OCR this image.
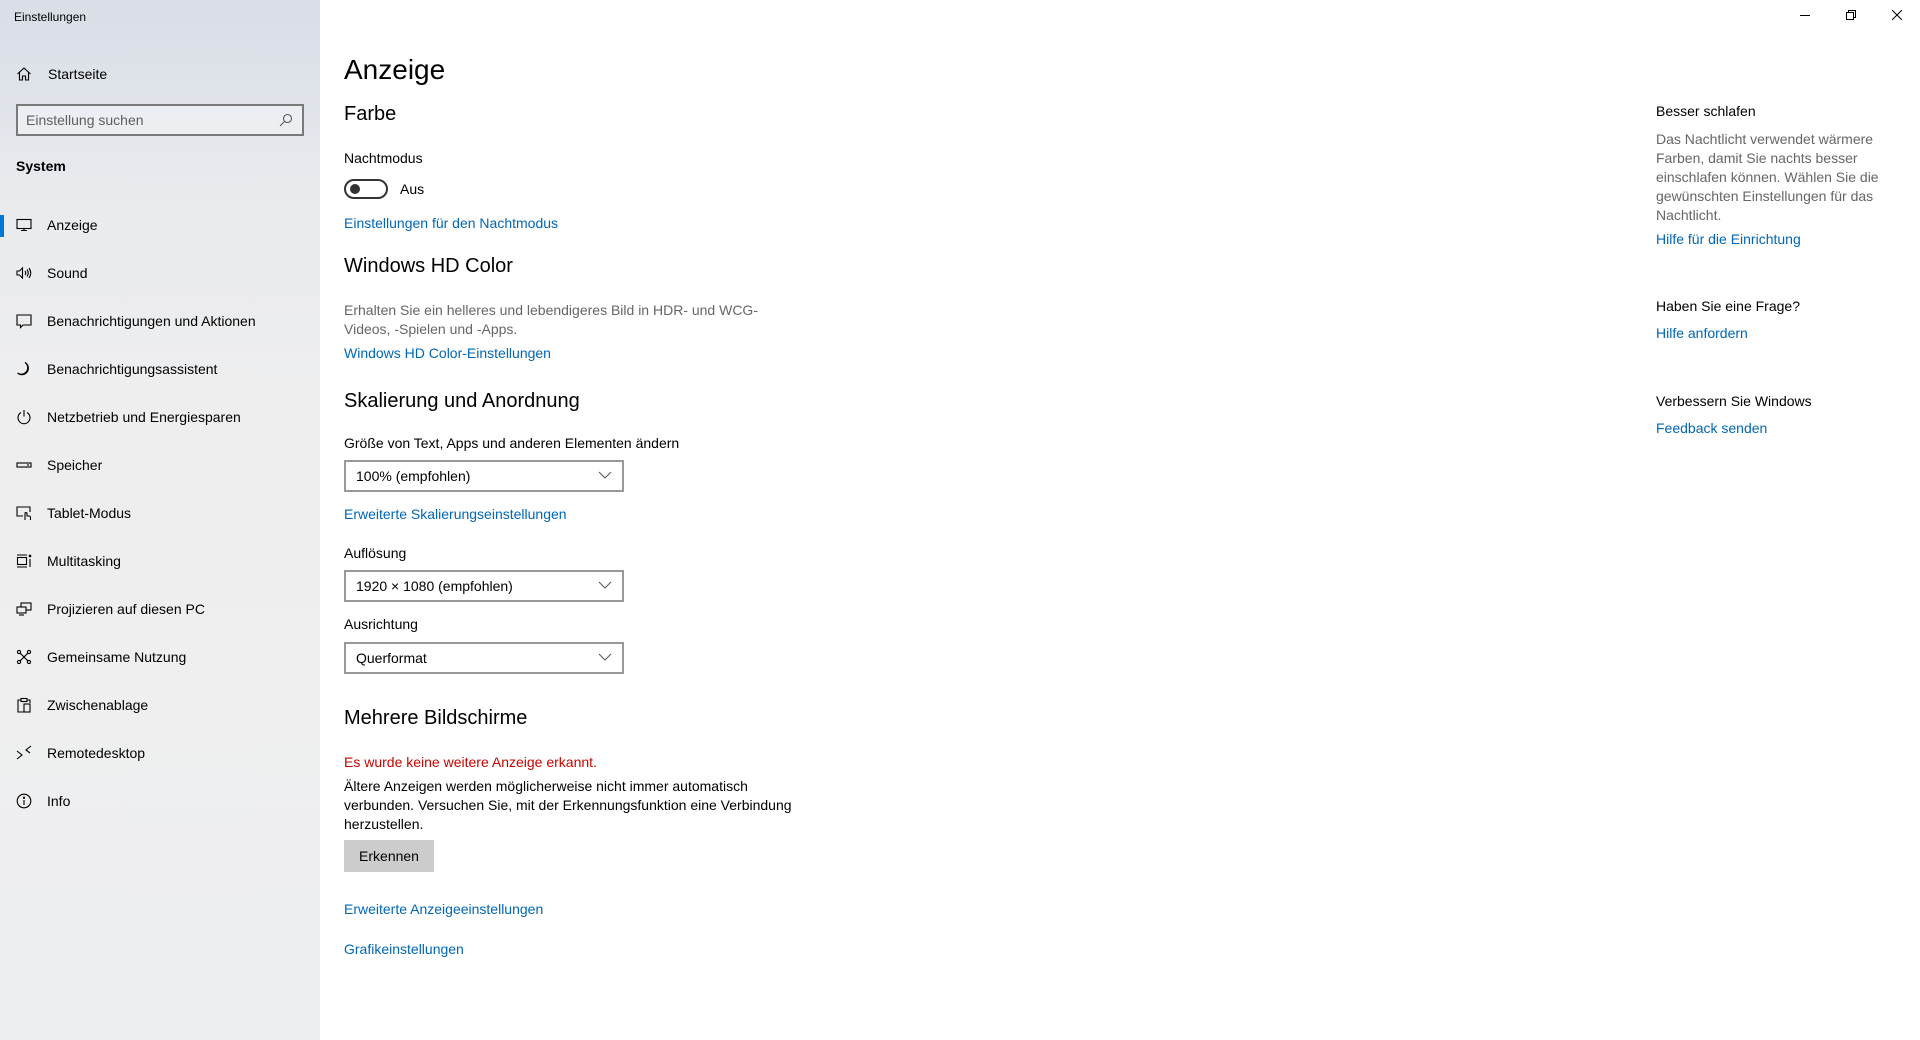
Einstellungen
Startseite
Einstellung suchen
System
Anzeige
Sound
Benachrichtigungen und Aktionen
Benachrichtigungsassistent
Netzbetrieb und Energiesparen
Speicher
Tablet-Modus
Multitasking
Projizieren auf diesen PC
Gemeinsame Nutzung
Zwischenablage
Remotedesktop
Info
Anzeige
Farbe
Nachtmodus
Aus
Einstellungen für den Nachtmodus
Windows HD Color
Erhalten Sie ein helleres und lebendigeres Bild in HDR- und WCG-Videos, -Spielen und -Apps.
Windows HD Color-Einstellungen
Skalierung und Anordnung
Größe von Text, Apps und anderen Elementen ändern
100% (empfohlen)
Erweiterte Skalierungseinstellungen
Auflösung
1920 × 1080 (empfohlen)
Ausrichtung
Querformat
Mehrere Bildschirme
Es wurde keine weitere Anzeige erkannt.
Ältere Anzeigen werden möglicherweise nicht immer automatisch verbunden. Versuchen Sie, mit der Erkennungsfunktion eine Verbindung herzustellen.
Erkennen
Erweiterte Anzeigeeinstellungen
Grafikeinstellungen
Besser schlafen
Das Nachtlicht verwendet wärmere Farben, damit Sie nachts besser einschlafen können. Wählen Sie die gewünschten Einstellungen für das Nachtlicht.
Hilfe für die Einrichtung
Haben Sie eine Frage?
Hilfe anfordern
Verbessern Sie Windows
Feedback senden
